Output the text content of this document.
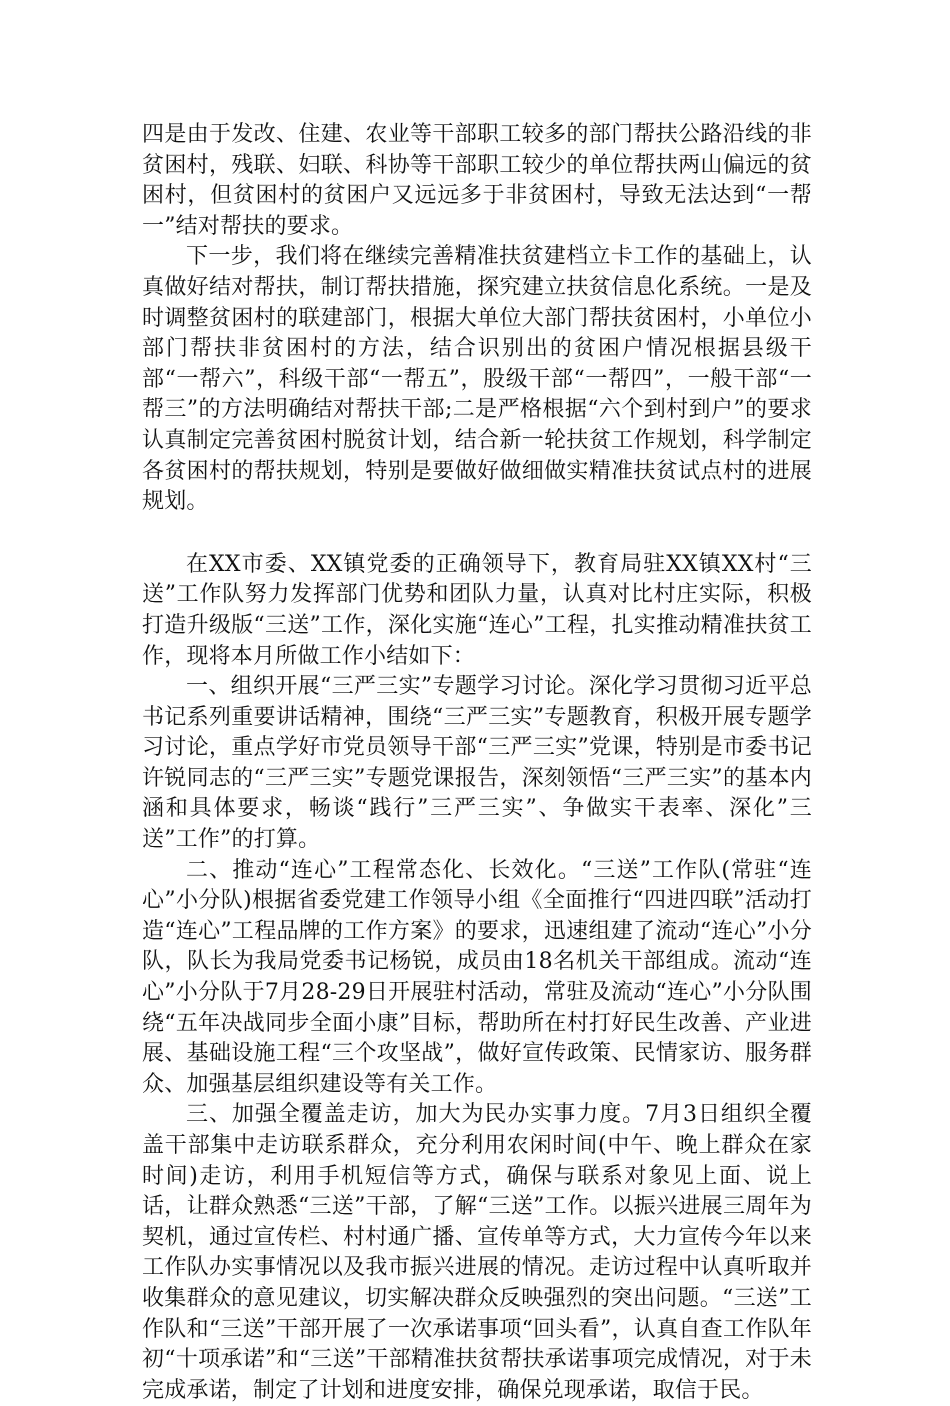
四是由于发改、住建、农业等干部职工较多的部门帮扶公路沿线的非贫困村，残联、妇联、科协等干部职工较少的单位帮扶两山偏远的贫困村，但贫困村的贫困户又远远多于非贫困村，导致无法达到“一帮一”结对帮扶的要求。

下一步，我们将在继续完善精准扶贫建档立卡工作的基础上，认真做好结对帮扶，制订帮扶措施，探究建立扶贫信息化系统。一是及时调整贫困村的联建部门，根据大单位大部门帮扶贫困村，小单位小部门帮扶非贫困村的方法，结合识别出的贫困户情况根据县级干部“一帮六”，科级干部“一帮五”，股级干部“一帮四”，一般干部“一帮三”的方法明确结对帮扶干部;二是严格根据“六个到村到户”的要求认真制定完善贫困村脱贫计划，结合新一轮扶贫工作规划，科学制定各贫困村的帮扶规划，特别是要做好做细做实精准扶贫试点村的进展规划。

在XX市委、XX镇党委的正确领导下，教育局驻XX镇XX村“三送”工作队努力发挥部门优势和团队力量，认真对比村庄实际，积极打造升级版“三送”工作，深化实施“连心”工程，扎实推动精准扶贫工作，现将本月所做工作小结如下：

一、组织开展“三严三实”专题学习讨论。深化学习贯彻习近平总书记系列重要讲话精神，围绕“三严三实”专题教育，积极开展专题学习讨论，重点学好市党员领导干部“三严三实”党课，特别是市委书记许锐同志的“三严三实”专题党课报告，深刻领悟“三严三实”的基本内涵和具体要求，畅谈“践行”三严三实”、争做实干表率、深化”三送”工作”的打算。

二、推动“连心”工程常态化、长效化。“三送”工作队(常驻“连心”小分队)根据省委党建工作领导小组《全面推行“四进四联”活动打造“连心”工程品牌的工作方案》的要求，迅速组建了流动“连心”小分队，队长为我局党委书记杨锐，成员由18名机关干部组成。流动“连心”小分队于7月28-29日开展驻村活动，常驻及流动“连心”小分队围绕“五年决战同步全面小康”目标，帮助所在村打好民生改善、产业进展、基础设施工程“三个攻坚战”，做好宣传政策、民情家访、服务群众、加强基层组织建设等有关工作。

三、加强全覆盖走访，加大为民办实事力度。7月3日组织全覆盖干部集中走访联系群众，充分利用农闲时间(中午、晚上群众在家时间)走访，利用手机短信等方式，确保与联系对象见上面、说上话，让群众熟悉“三送”干部，了解“三送”工作。以振兴进展三周年为契机，通过宣传栏、村村通广播、宣传单等方式，大力宣传今年以来工作队办实事情况以及我市振兴进展的情况。走访过程中认真听取并收集群众的意见建议，切实解决群众反映强烈的突出问题。“三送”工作队和“三送”干部开展了一次承诺事项“回头看”，认真自查工作队年初“十项承诺”和“三送”干部精准扶贫帮扶承诺事项完成情况，对于未完成承诺，制定了计划和进度安排，确保兑现承诺，取信于民。
